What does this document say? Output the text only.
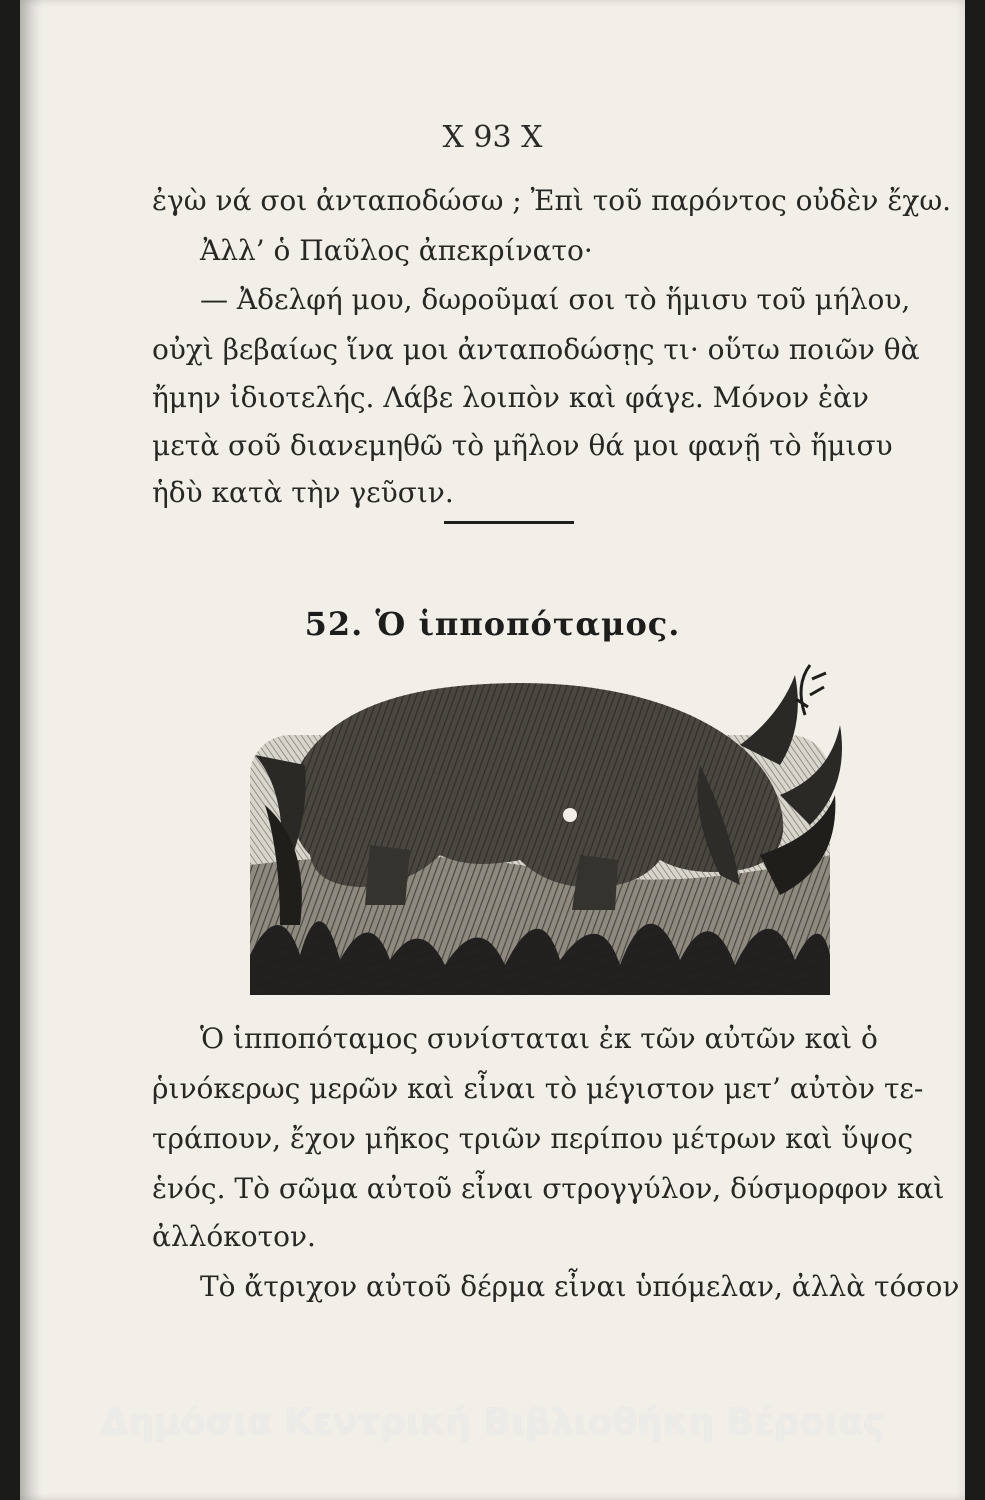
Χ 93 Χ
ἐγὼ νά σοι ἀνταποδώσω ; Ἐπὶ τοῦ παρόντος οὐδὲν ἔχω.
Ἀλλ’ ὁ Παῦλος ἀπεκρίνατο·
— Ἀδελφή μου, δωροῦμαί σοι τὸ ἥμισυ τοῦ μήλου,
οὐχὶ βεβαίως ἵνα μοι ἀνταποδώσῃς τι· οὕτω ποιῶν θὰ
ἤμην ἰδιοτελής. Λάβε λοιπὸν καὶ φάγε. Μόνον ἐὰν
μετὰ σοῦ διανεμηθῶ τὸ μῆλον θά μοι φανῇ τὸ ἥμισυ
ἡδὺ κατὰ τὴν γεῦσιν.
52. Ὁ ἱπποπόταμος.
Ὁ ἱπποπόταμος συνίσταται ἐκ τῶν αὐτῶν καὶ ὁ
ῥινόκερως μερῶν καὶ εἶναι τὸ μέγιστον μετ’ αὐτὸν τε-
τράπουν, ἔχον μῆκος τριῶν περίπου μέτρων καὶ ὕψος
ἑνός. Τὸ σῶμα αὐτοῦ εἶναι στρογγύλον, δύσμορφον καὶ
ἀλλόκοτον.
Τὸ ἄτριχον αὐτοῦ δέρμα εἶναι ὑπόμελαν, ἀλλὰ τόσον
Δημόσια Κεντρική Βιβλιοθήκη Βέροιας
